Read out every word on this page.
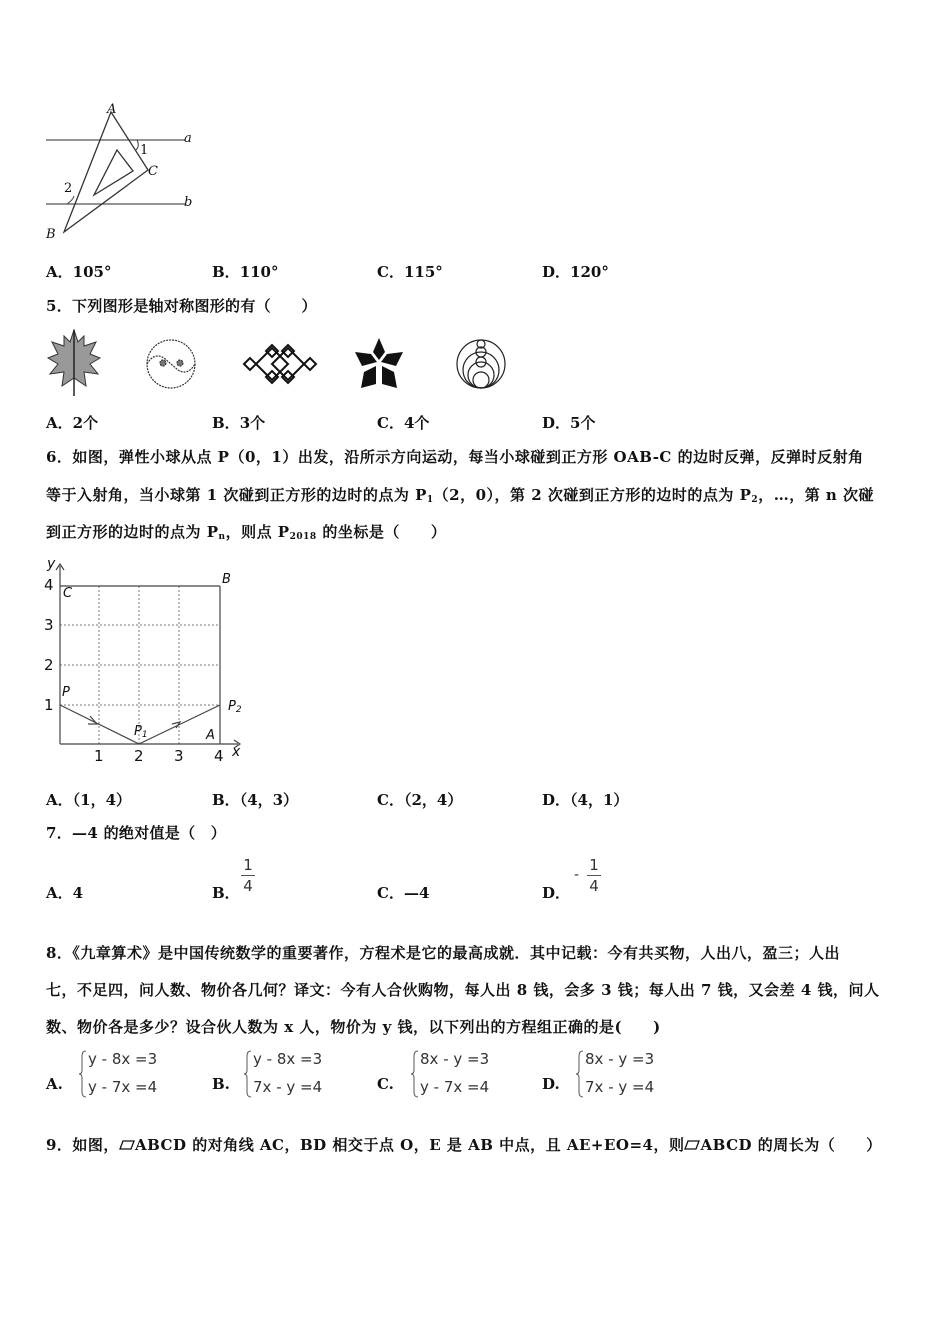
A
a
1
C
2
b
B
A．105°	B．110°	C．115°	D．120°
5．下列图形是轴对称图形的有（　　）
A．2个	B．3个	C．4个	D．5个
6．如图，弹性小球从点 P（0，1）出发，沿所示方向运动，每当小球碰到正方形 OAB-C 的边时反弹，反弹时反射角
等于入射角，当小球第 1 次碰到正方形的边时的点为 $P_1(2$，0），第 2 次碰到正方形的边时的点为 $P_2$，…，第 n 次碰
到正方形的边时的点为 $P_n$，则点 $P_{2018}$ 的坐标是（　　）
y
4
3
2
1
1 2 3 4 x
C
B
P
$P_1$
$P_2$
A
A．（1，4）	B．（4，3）	C．（2，4）	D．（4，1）
7．—4 的绝对值是（　）
A．4	B．
1
4	C．—4	D．
-
1
4
8．《九章算术》是中国传统数学的重要著作，方程术是它的最高成就．其中记载：今有共买物，人出八，盈三；人出
七，不足四，问人数、物价各几何？译文：今有人合伙购物，每人出 8 钱，会多 3 钱；每人出 7 钱，又会差 4 钱，问人
数、物价各是多少？设合伙人数为 x 人，物价为 y 钱，以下列出的方程组正确的是(　　)
A.
y - 8x =3
y - 7x =4	B.
y - 8x =3
7x - y =4	C.
8x - y =3
y - 7x =4	D.
8x - y =3
7x - y =4
9．如图， ABCD 的对角线 AC，BD 相交于点 O，E 是 AB 中点，且 AE+EO=4，则 ABCD 的周长为（　　）
